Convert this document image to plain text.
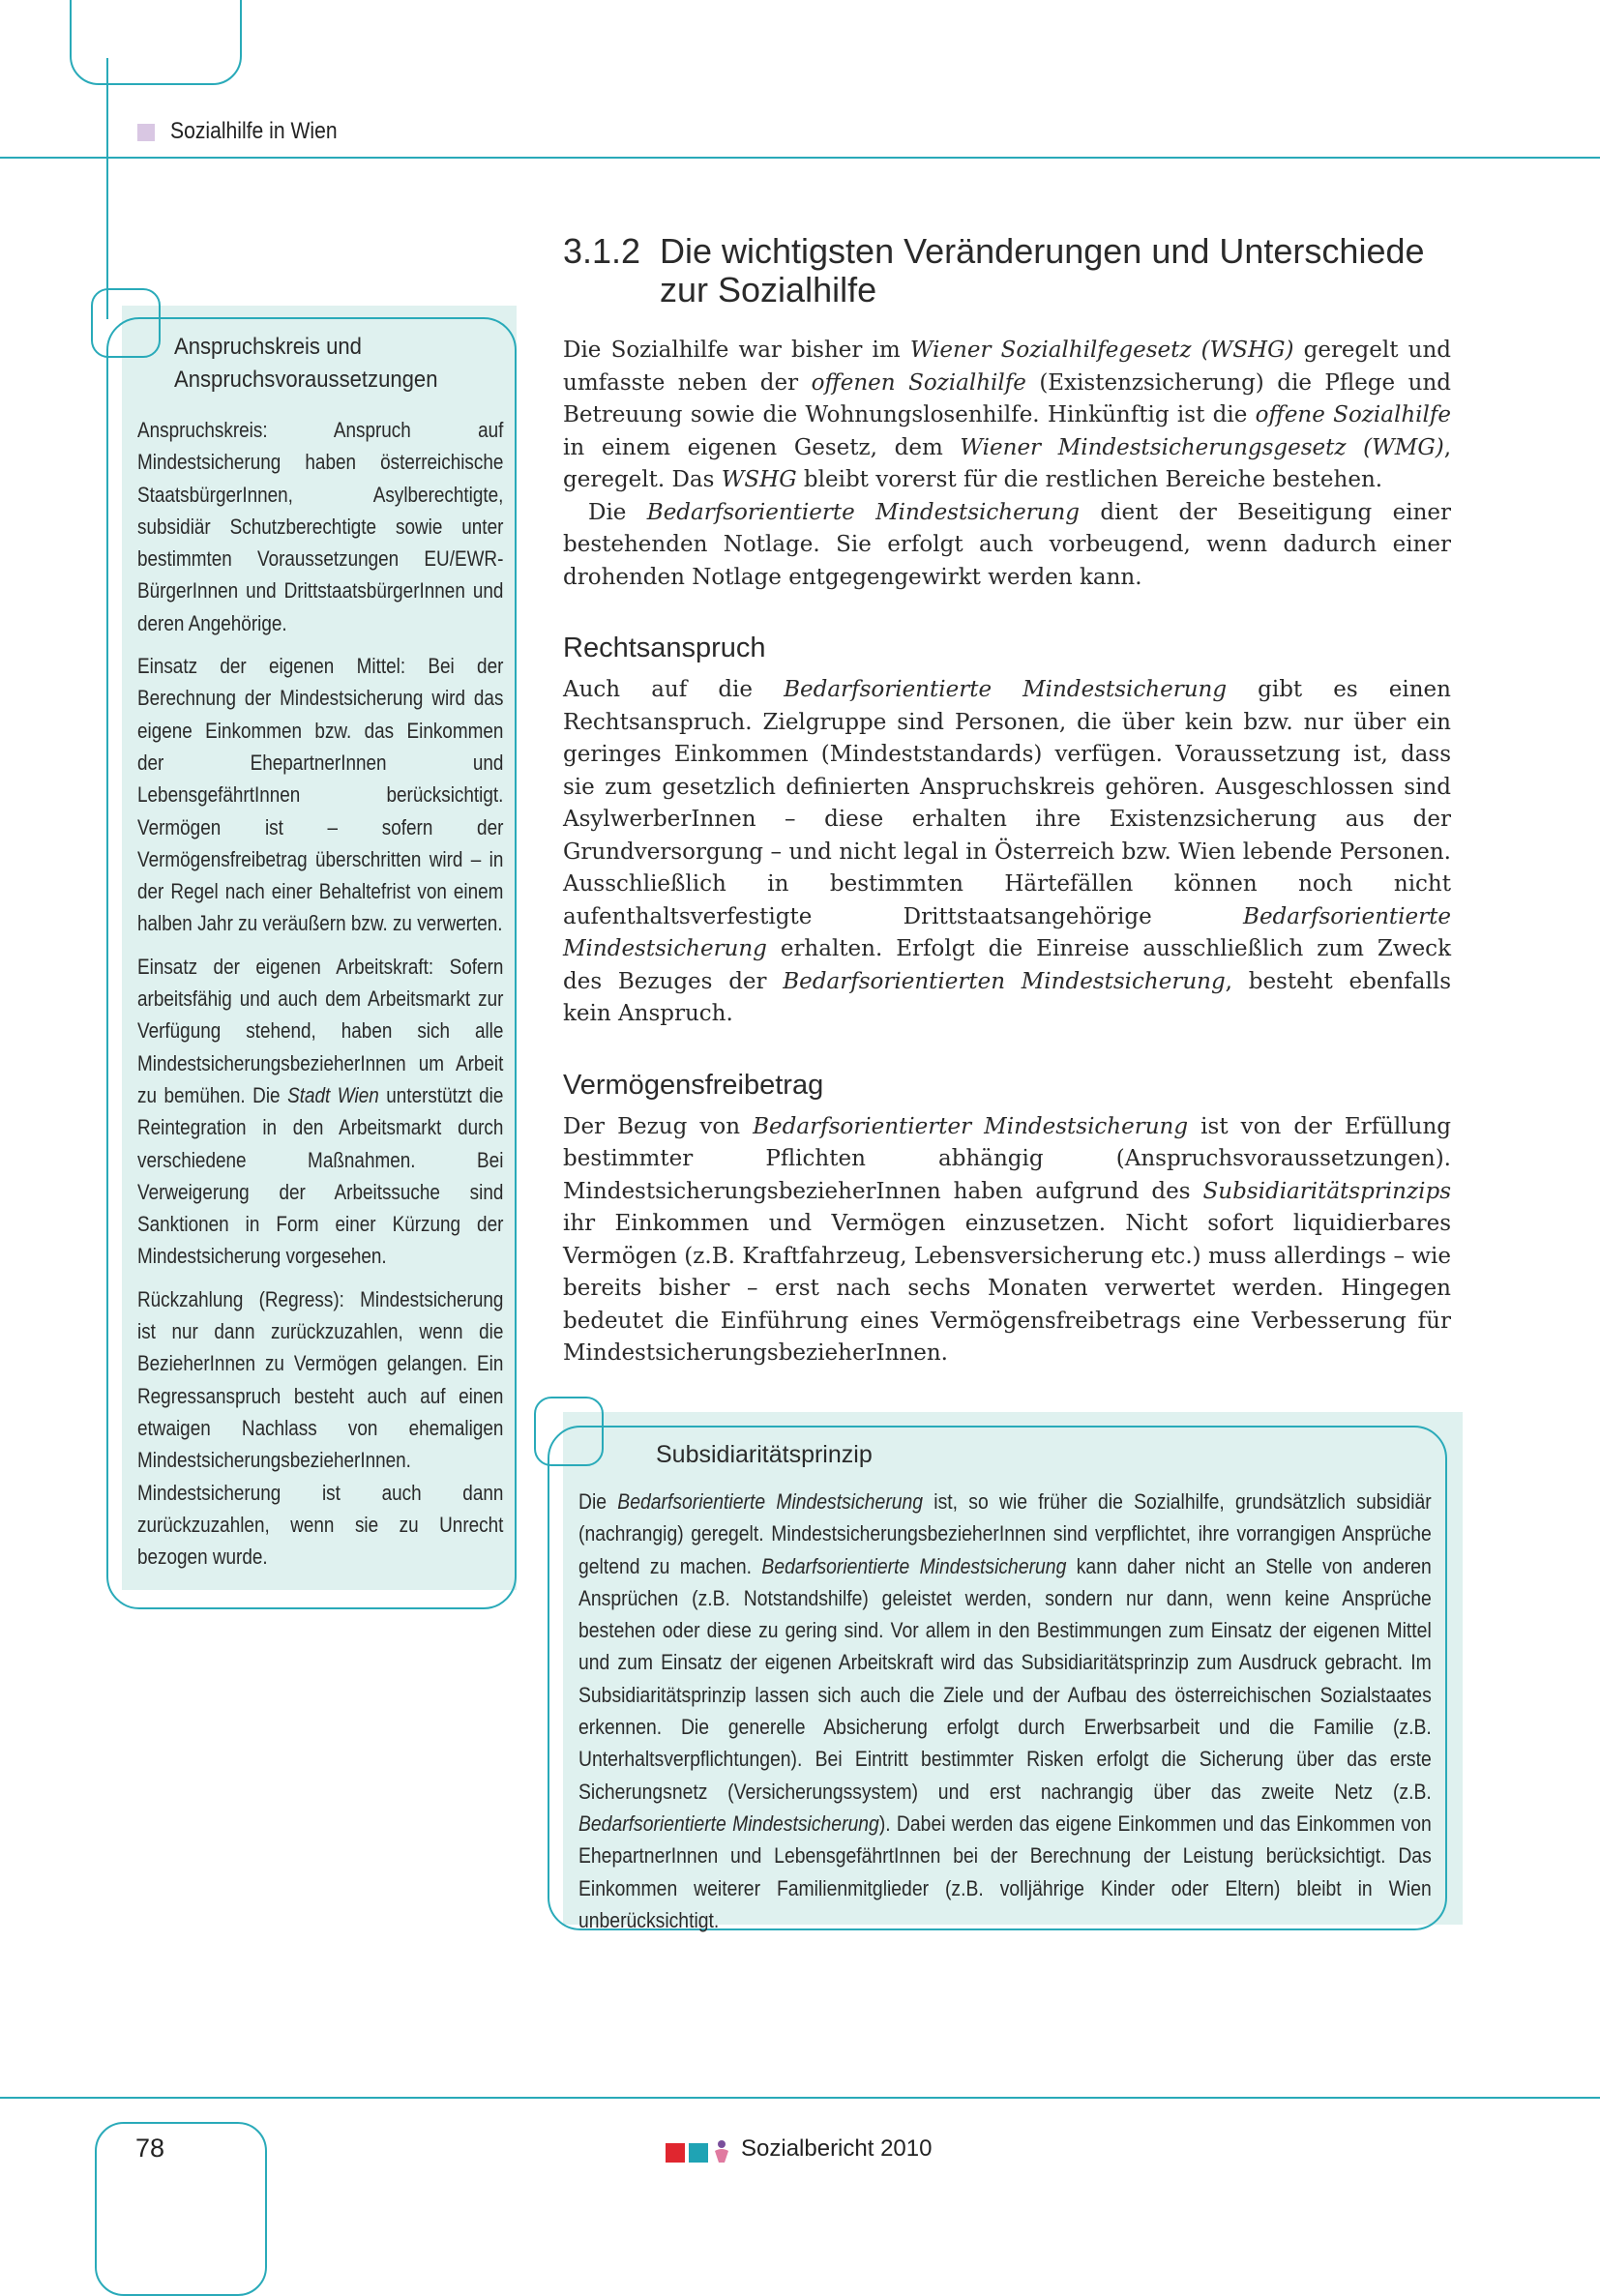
Sozialhilfe in Wien
Anspruchskreis und Anspruchsvoraussetzungen

Anspruchskreis: Anspruch auf Mindestsicherung haben österreichische StaatsbürgerInnen, Asylberechtigte, subsidiär Schutzberechtigte sowie unter bestimmten Voraussetzungen EU/EWR-BürgerInnen und DrittstaatsbürgerInnen und deren Angehörige.

Einsatz der eigenen Mittel: Bei der Berechnung der Mindestsicherung wird das eigene Einkommen bzw. das Einkommen der EhepartnerInnen und LebensgefährtInnen berücksichtigt. Vermögen ist – sofern der Vermögensfreibetrag überschritten wird – in der Regel nach einer Behaltefrist von einem halben Jahr zu veräußern bzw. zu verwerten.

Einsatz der eigenen Arbeitskraft: Sofern arbeitsfähig und auch dem Arbeitsmarkt zur Verfügung stehend, haben sich alle MindestsicherungsbezieherInnen um Arbeit zu bemühen. Die Stadt Wien unterstützt die Reintegration in den Arbeitsmarkt durch verschiedene Maßnahmen. Bei Verweigerung der Arbeitssuche sind Sanktionen in Form einer Kürzung der Mindestsicherung vorgesehen.

Rückzahlung (Regress): Mindestsicherung ist nur dann zurückzuzahlen, wenn die BezieherInnen zu Vermögen gelangen. Ein Regressanspruch besteht auch auf einen etwaigen Nachlass von ehemaligen MindestsicherungsbezieherInnen.

Mindestsicherung ist auch dann zurückzuzahlen, wenn sie zu Unrecht bezogen wurde.

3.1.2 Die wichtigsten Veränderungen und Unterschiede
zur Sozialhilfe

Die Sozialhilfe war bisher im Wiener Sozialhilfegesetz (WSHG) geregelt und umfasste neben der offenen Sozialhilfe (Existenzsicherung) die Pflege und Betreuung sowie die Wohnungslosenhilfe. Hinkünftig ist die offene Sozialhilfe in einem eigenen Gesetz, dem Wiener Mindestsicherungsgesetz (WMG), geregelt. Das WSHG bleibt vorerst für die restlichen Bereiche bestehen.

Die Bedarfsorientierte Mindestsicherung dient der Beseitigung einer bestehenden Notlage. Sie erfolgt auch vorbeugend, wenn dadurch einer drohenden Notlage entgegengewirkt werden kann.

Rechtsanspruch

Auch auf die Bedarfsorientierte Mindestsicherung gibt es einen Rechtsanspruch. Zielgruppe sind Personen, die über kein bzw. nur über ein geringes Einkommen (Mindeststandards) verfügen. Voraussetzung ist, dass sie zum gesetzlich definierten Anspruchskreis gehören. Ausgeschlossen sind AsylwerberInnen – diese erhalten ihre Existenzsicherung aus der Grundversorgung – und nicht legal in Österreich bzw. Wien lebende Personen. Ausschließlich in bestimmten Härtefällen können noch nicht aufenthaltsverfestigte Drittstaatsangehörige Bedarfsorientierte Mindestsicherung erhalten. Erfolgt die Einreise ausschließlich zum Zweck des Bezuges der Bedarfsorientierten Mindestsicherung, besteht ebenfalls kein Anspruch.

Vermögensfreibetrag

Der Bezug von Bedarfsorientierter Mindestsicherung ist von der Erfüllung bestimmter Pflichten abhängig (Anspruchsvoraussetzungen). MindestsicherungsbezieherInnen haben aufgrund des Subsidiaritätsprinzips ihr Einkommen und Vermögen einzusetzen. Nicht sofort liquidierbares Vermögen (z.B. Kraftfahrzeug, Lebensversicherung etc.) muss allerdings – wie bereits bisher – erst nach sechs Monaten verwertet werden. Hingegen bedeutet die Einführung eines Vermögensfreibetrags eine Verbesserung für MindestsicherungsbezieherInnen.

Subsidiaritätsprinzip
Die Bedarfsorientierte Mindestsicherung ist, so wie früher die Sozialhilfe, grundsätzlich subsidiär (nachrangig) geregelt. MindestsicherungsbezieherInnen sind verpflichtet, ihre vorrangigen Ansprüche geltend zu machen. Bedarfsorientierte Mindestsicherung kann daher nicht an Stelle von anderen Ansprüchen (z.B. Notstandshilfe) geleistet werden, sondern nur dann, wenn keine Ansprüche bestehen oder diese zu gering sind. Vor allem in den Bestimmungen zum Einsatz der eigenen Mittel und zum Einsatz der eigenen Arbeitskraft wird das Subsidiaritätsprinzip zum Ausdruck gebracht. Im Subsidiaritätsprinzip lassen sich auch die Ziele und der Aufbau des österreichischen Sozialstaates erkennen. Die generelle Absicherung erfolgt durch Erwerbsarbeit und die Familie (z.B. Unterhaltsverpflichtungen). Bei Eintritt bestimmter Risken erfolgt die Sicherung über das erste Sicherungsnetz (Versicherungssystem) und erst nachrangig über das zweite Netz (z.B. Bedarfsorientierte Mindestsicherung). Dabei werden das eigene Einkommen und das Einkommen von EhepartnerInnen und LebensgefährtInnen bei der Berechnung der Leistung berücksichtigt. Das Einkommen weiterer Familienmitglieder (z.B. volljährige Kinder oder Eltern) bleibt in Wien unberücksichtigt.
78	Sozialbericht 2010
